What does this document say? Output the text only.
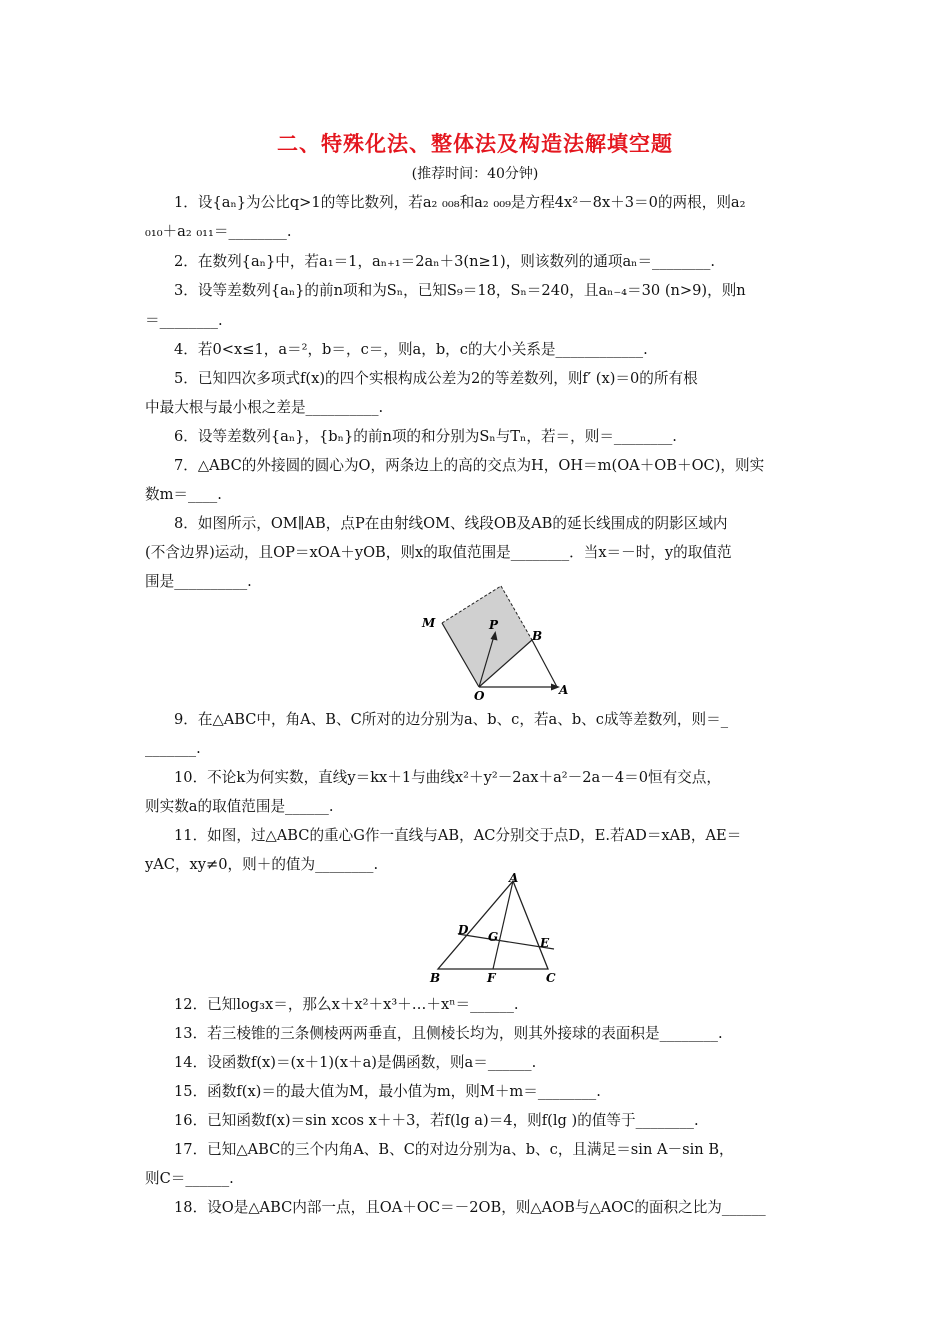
二、特殊化法、整体法及构造法解填空题
(推荐时间：40分钟)
1．设{aₙ}为公比q>1的等比数列，若a₂ ₀₀₈和a₂ ₀₀₉是方程4x²－8x＋3＝0的两根，则a₂
₀₁₀＋a₂ ₀₁₁＝________.
2．在数列{aₙ}中，若a₁＝1，aₙ₊₁＝2aₙ＋3(n≥1)，则该数列的通项aₙ＝________.
3．设等差数列{aₙ}的前n项和为Sₙ，已知S₉＝18，Sₙ＝240，且aₙ₋₄＝30 (n>9)，则n
＝________.
4．若0<x≤1，a＝²，b＝，c＝，则a，b，c的大小关系是____________.
5．已知四次多项式f(x)的四个实根构成公差为2的等差数列，则f′ (x)＝0的所有根
中最大根与最小根之差是__________.
6．设等差数列{aₙ}，{bₙ}的前n项的和分别为Sₙ与Tₙ，若＝，则＝________.
7．△ABC的外接圆的圆心为O，两条边上的高的交点为H，OH＝m(OA＋OB＋OC)，则实
数m＝____.
8．如图所示，OM∥AB，点P在由射线OM、线段OB及AB的延长线围成的阴影区域内
(不含边界)运动，且OP＝xOA＋yOB，则x的取值范围是________．当x＝－时，y的取值范
围是__________.
M	P
B
O	A
9．在△ABC中，角A、B、C所对的边分别为a、b、c，若a、b、c成等差数列，则＝_
_______.
10．不论k为何实数，直线y＝kx＋1与曲线x²＋y²－2ax＋a²－2a－4＝0恒有交点，
则实数a的取值范围是______.
11．如图，过△ABC的重心G作一直线与AB，AC分别交于点D，E.若AD＝xAB，AE＝
yAC，xy≠0，则＋的值为________.
A
D G	E
B	F	C
12．已知log₃x＝，那么x＋x²＋x³＋…＋xⁿ＝______.
13．若三棱锥的三条侧棱两两垂直，且侧棱长均为，则其外接球的表面积是________.
14．设函数f(x)＝(x＋1)(x＋a)是偶函数，则a＝______.
15．函数f(x)＝的最大值为M，最小值为m，则M＋m＝________.
16．已知函数f(x)＝sin xcos x＋＋3，若f(lg a)＝4，则f(lg )的值等于________.
17．已知△ABC的三个内角A、B、C的对边分别为a、b、c，且满足＝sin A－sin B，
则C＝______.
18．设O是△ABC内部一点，且OA＋OC＝－2OB，则△AOB与△AOC的面积之比为______
